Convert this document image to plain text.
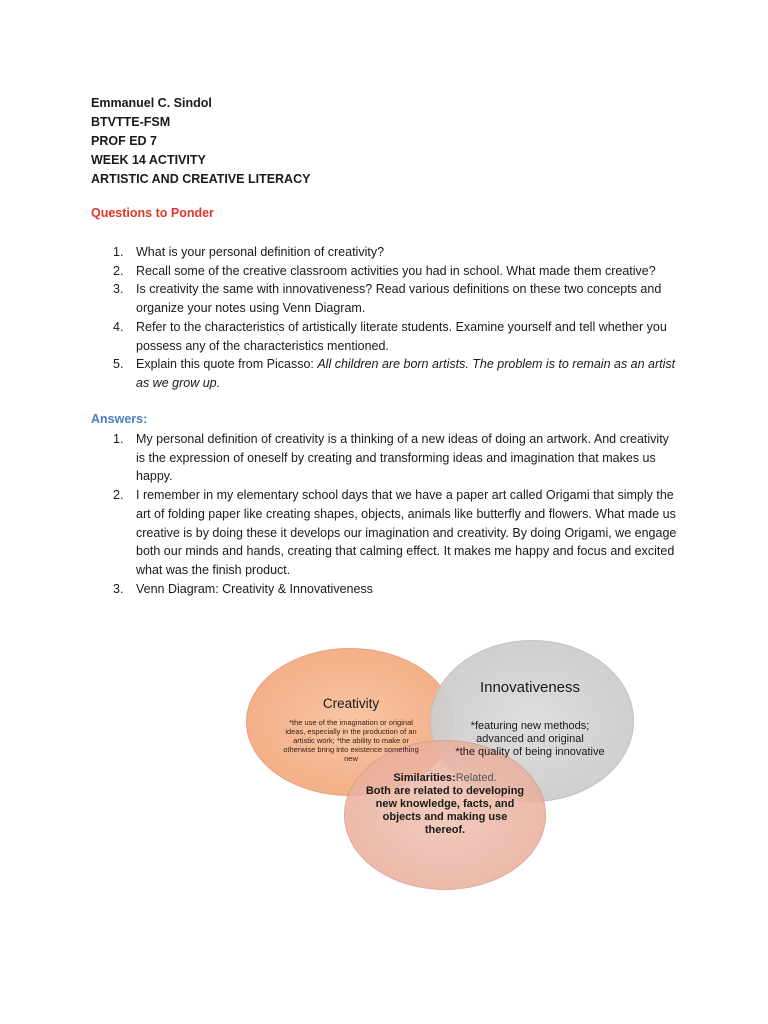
Emmanuel C. Sindol
BTVTTE-FSM
PROF ED 7
WEEK 14 ACTIVITY
ARTISTIC AND CREATIVE LITERACY
Questions to Ponder
1. What is your personal definition of creativity?
2. Recall some of the creative classroom activities you had in school. What made them creative?
3. Is creativity the same with innovativeness? Read various definitions on these two concepts and organize your notes using Venn Diagram.
4. Refer to the characteristics of artistically literate students. Examine yourself and tell whether you possess any of the characteristics mentioned.
5. Explain this quote from Picasso: All children are born artists. The problem is to remain as an artist as we grow up.
Answers:
1. My personal definition of creativity is a thinking of a new ideas of doing an artwork. And creativity is the expression of oneself by creating and transforming ideas and imagination that makes us happy.
2. I remember in my elementary school days that we have a paper art called Origami that simply the art of folding paper like creating shapes, objects, animals like butterfly and flowers. What made us creative is by doing these it develops our imagination and creativity. By doing Origami, we engage both our minds and hands, creating that calming effect. It makes me happy and focus and excited what was the finish product.
3. Venn Diagram: Creativity & Innovativeness
Creativity
*the use of the imagination or original ideas, especially in the production of an artistic work; *the ability to make or otherwise bring into existence something new
Innovativeness
*featuring new methods; advanced and original
*the quality of being innovative
Similarities:Related.
Both are related to developing new knowledge, facts, and objects and making use thereof.
